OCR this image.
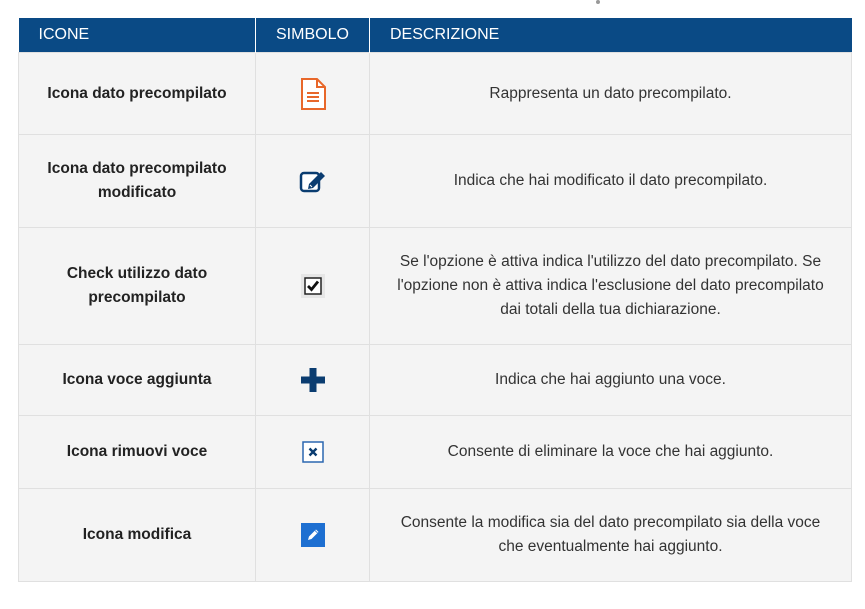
ICONE	SIMBOLO	DESCRIZIONE
Icona dato precompilato		Rappresenta un dato precompilato.
Icona dato precompilato modificato		Indica che hai modificato il dato precompilato.
Check utilizzo dato precompilato		Se l'opzione è attiva indica l'utilizzo del dato precompilato. Se l'opzione non è attiva indica l'esclusione del dato precompilato dai totali della tua dichiarazione.
Icona voce aggiunta		Indica che hai aggiunto una voce.
Icona rimuovi voce		Consente di eliminare la voce che hai aggiunto.
Icona modifica		Consente la modifica sia del dato precompilato sia della voce che eventualmente hai aggiunto.
